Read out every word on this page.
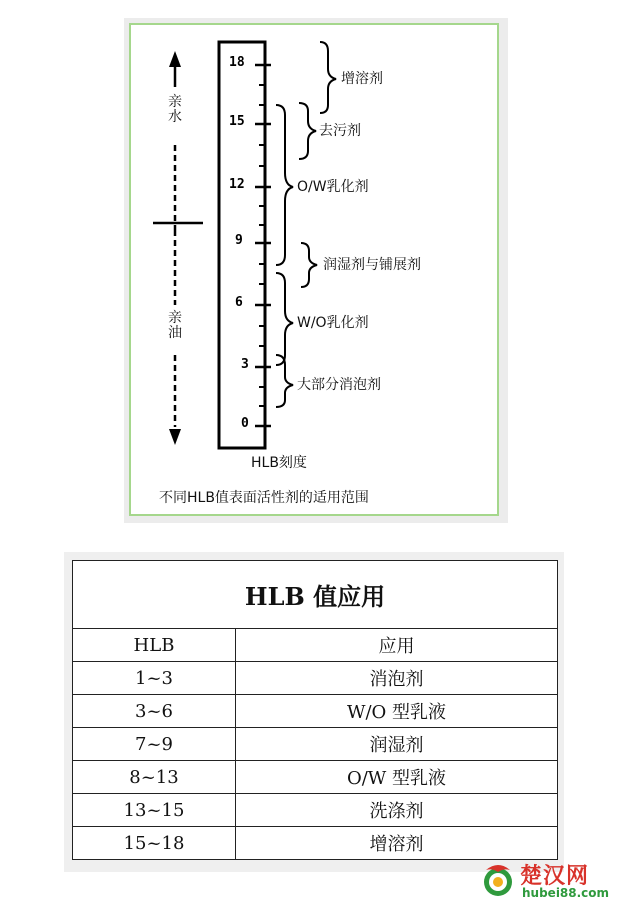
18
15
12
9
6
3
0
亲水
亲油
增溶剂
去污剂
O/W乳化剂
润湿剂与铺展剂
W/O乳化剂
大部分消泡剂
HLB刻度
不同HLB值表面活性剂的适用范围
HLB 值应用	
HLB	应用
1~3	消泡剂
3~6	W/O 型乳液
7~9	润湿剂
8~13	O/W 型乳液
13~15	洗涤剂
15~18	增溶剂
楚汉网
hubei88.com
